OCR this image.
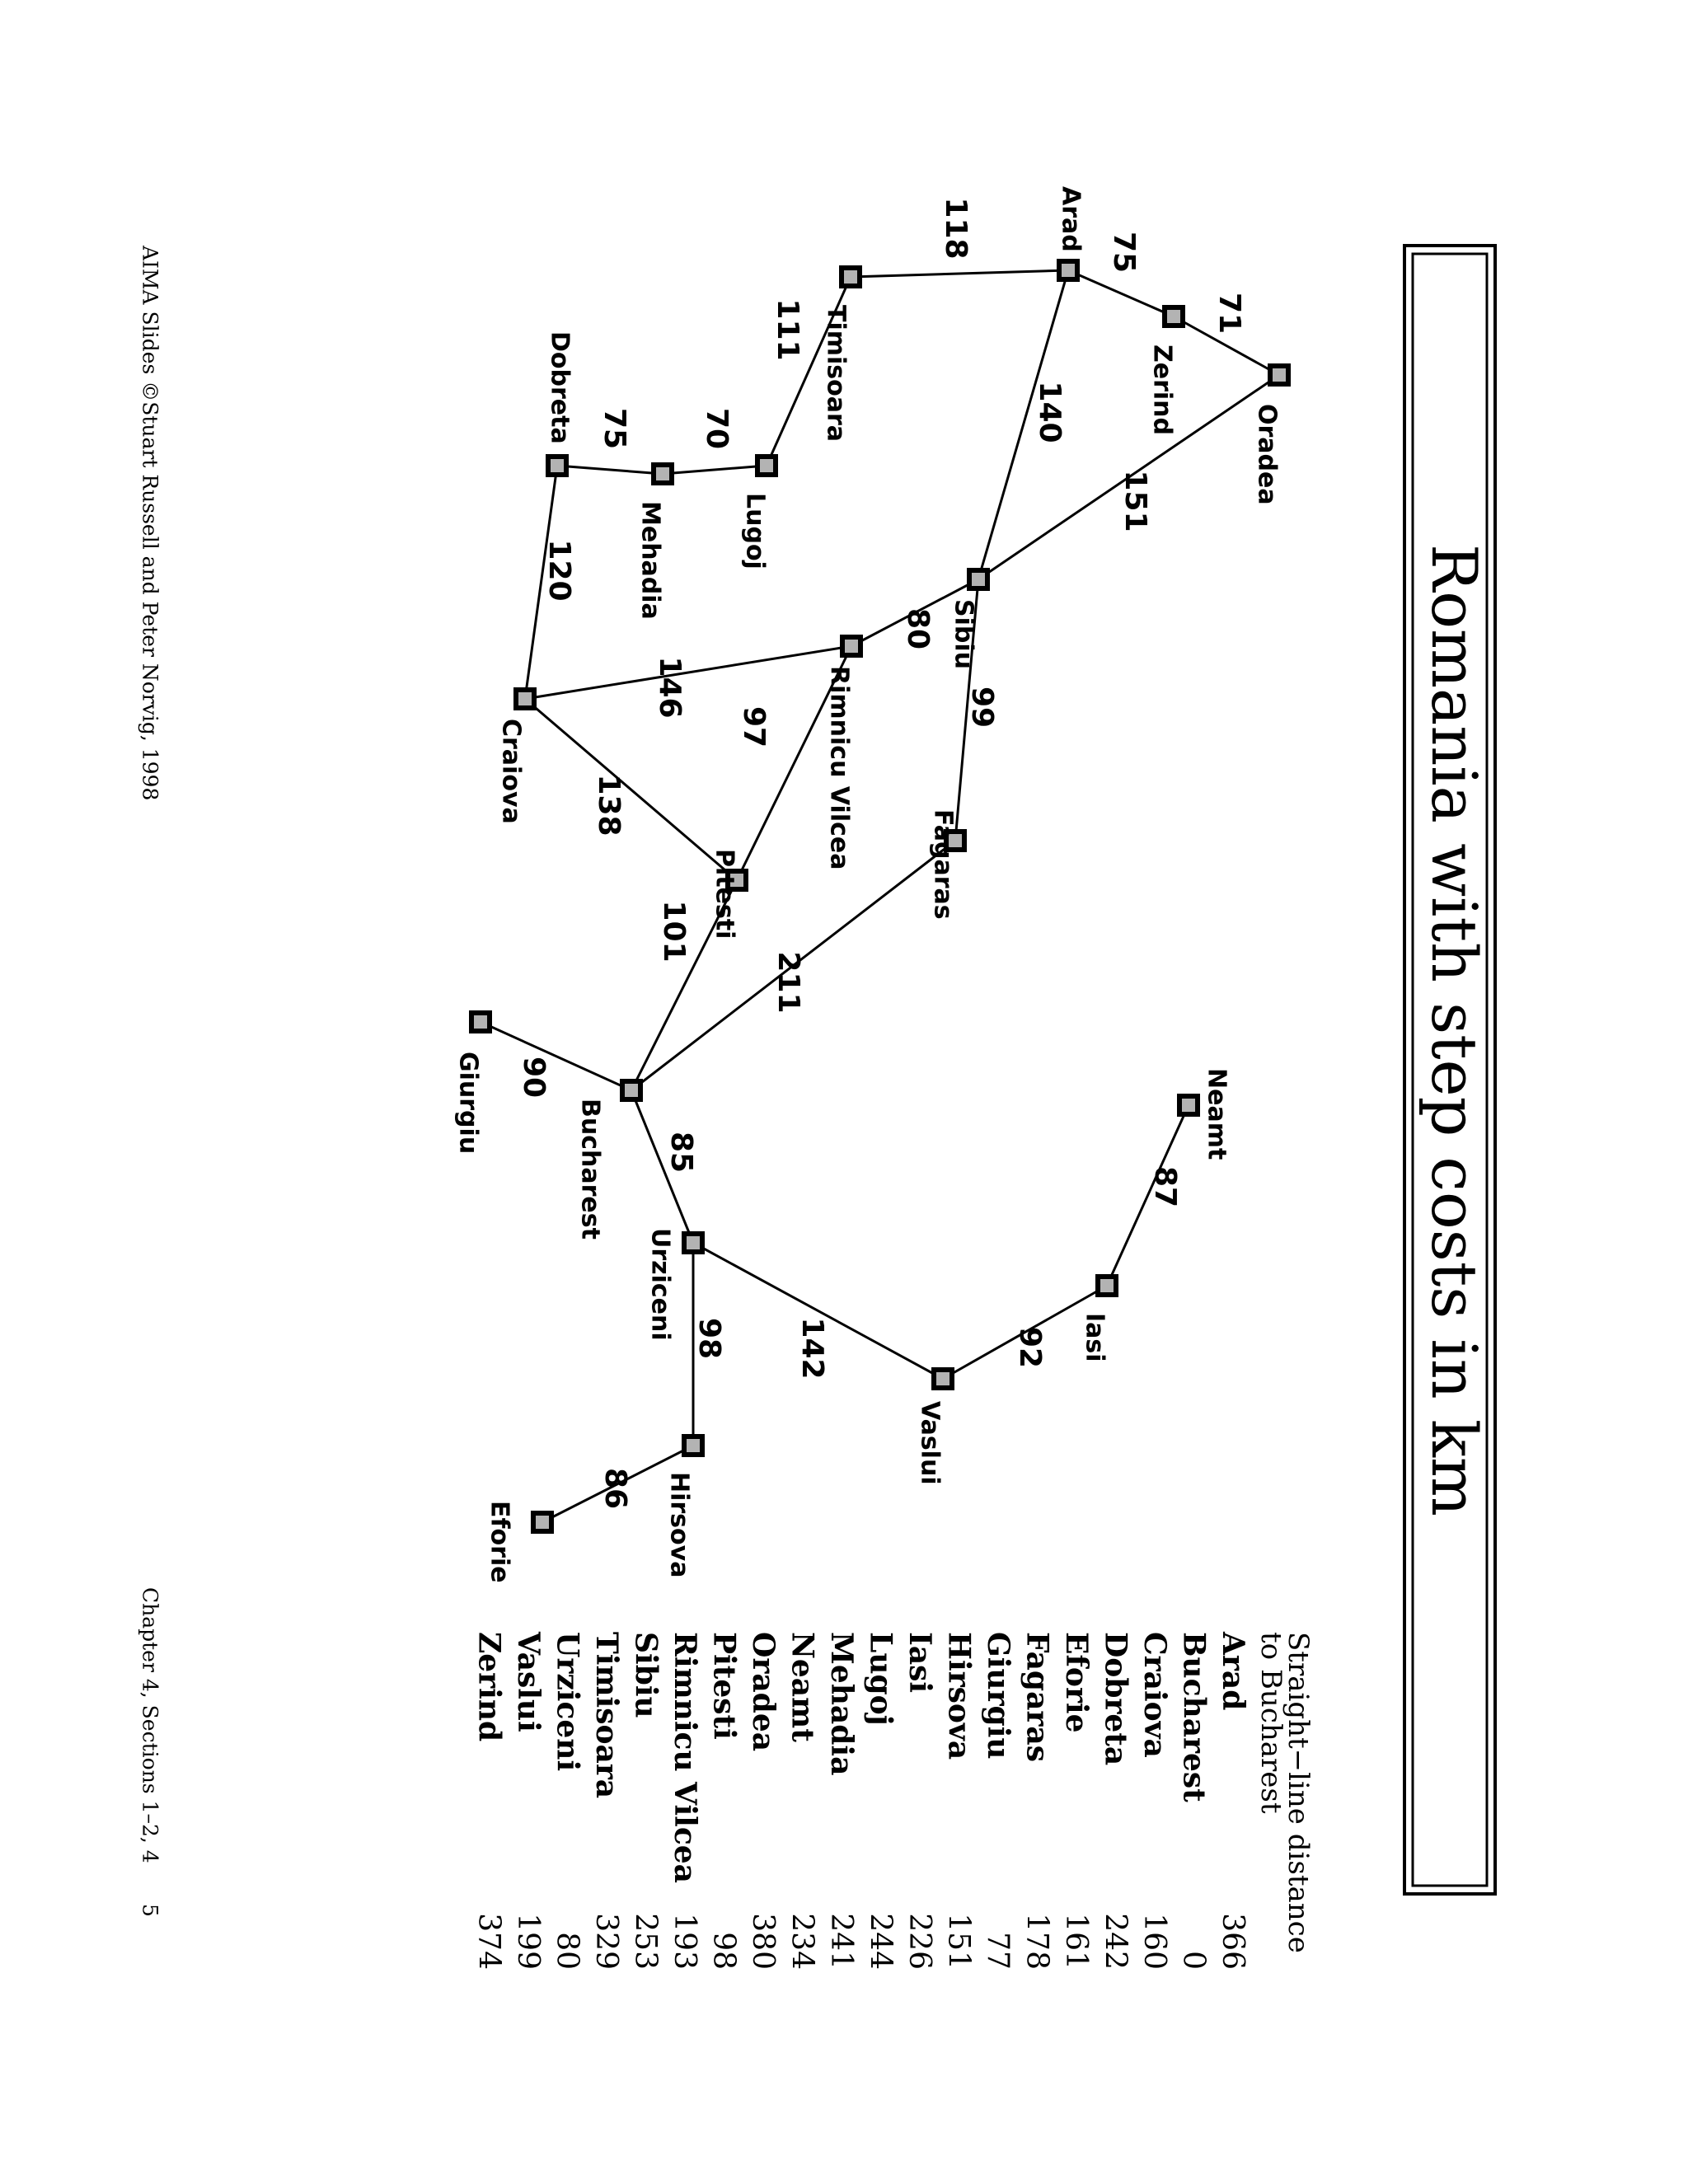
Romania with step costs in km
75
71
118
140
151
111
70
75
120
80
99
146
97
138
211
101
90
85
98
86
142	92
87
Arad
Zerind
Oradea
Timisoara
Lugoj
Mehadia
Dobreta
Sibiu
Rimnicu Vilcea
Craiova
Fagaras
Pitesti
Bucharest
Giurgiu
Urziceni
Hirsova
Eforie
Vaslui
Iasi
Neamt
Straight−line distance
to Bucharest
Arad
366
Bucharest
0
Craiova
160
Dobreta
242
Eforie
161
Fagaras
178
Giurgiu
77
Hirsova
151
Iasi
226
Lugoj
244
Mehadia
241
Neamt
234
Oradea
380
Pitesti
98
Rimnicu Vilcea
193
Sibiu
253
Timisoara
329
Urziceni
80
Vaslui
199
Zerind
374
AIMA Slides ©Stuart Russell and Peter Norvig, 1998
Chapter 4, Sections 1–2, 4
5
